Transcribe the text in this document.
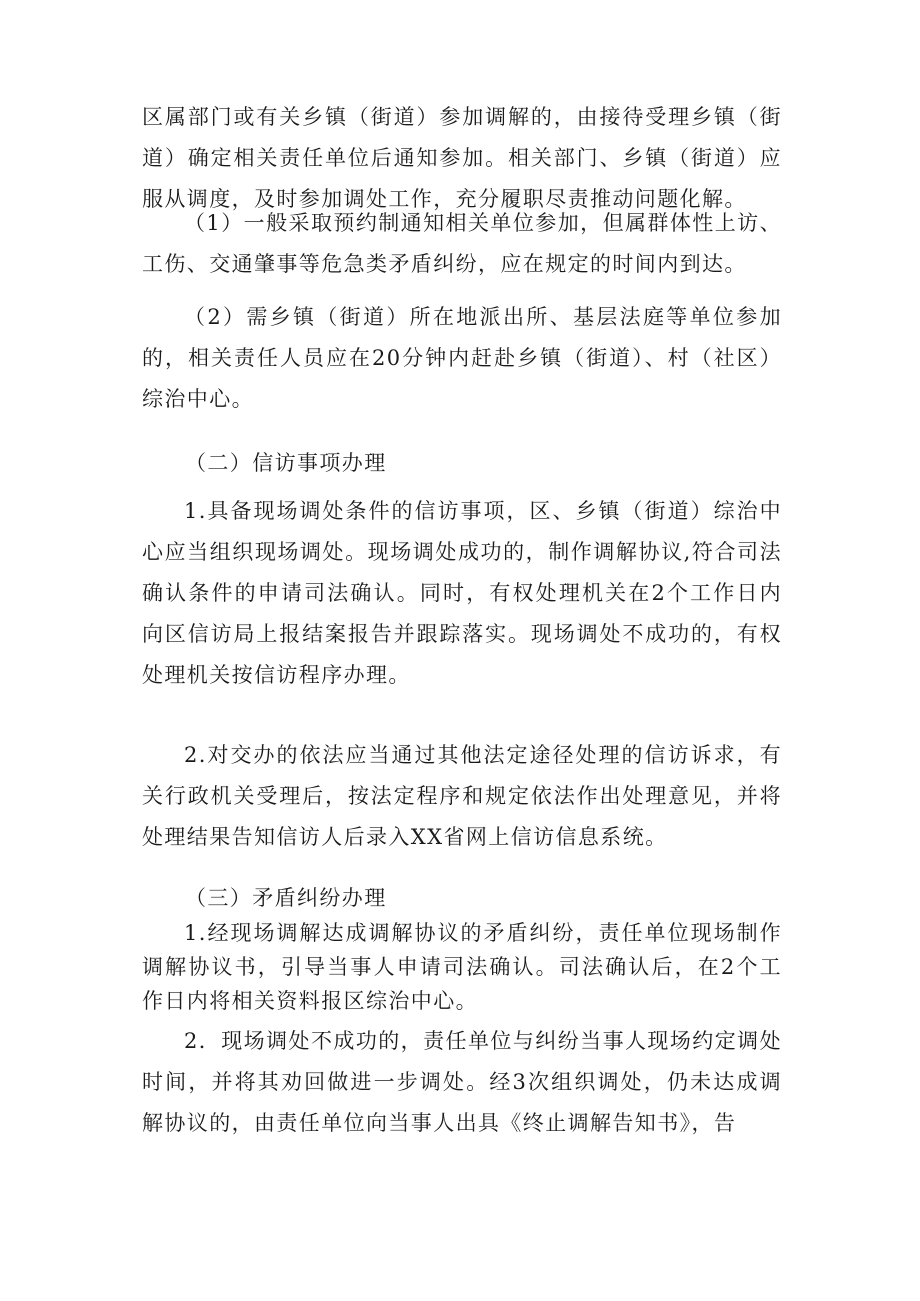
区属部门或有关乡镇（街道）参加调解的，由接待受理乡镇（街道）确定相关责任单位后通知参加。相关部门、乡镇（街道）应服从调度，及时参加调处工作，充分履职尽责推动问题化解。

（1）一般采取预约制通知相关单位参加，但属群体性上访、工伤、交通肇事等危急类矛盾纠纷，应在规定的时间内到达。

（2）需乡镇（街道）所在地派出所、基层法庭等单位参加的，相关责任人员应在20分钟内赶赴乡镇（街道）、村（社区）综治中心。

（二）信访事项办理

1.具备现场调处条件的信访事项，区、乡镇（街道）综治中心应当组织现场调处。现场调处成功的，制作调解协议,符合司法确认条件的申请司法确认。同时，有权处理机关在2个工作日内向区信访局上报结案报告并跟踪落实。现场调处不成功的，有权处理机关按信访程序办理。

2.对交办的依法应当通过其他法定途径处理的信访诉求，有关行政机关受理后，按法定程序和规定依法作出处理意见，并将处理结果告知信访人后录入XX省网上信访信息系统。

（三）矛盾纠纷办理

1.经现场调解达成调解协议的矛盾纠纷，责任单位现场制作调解协议书，引导当事人申请司法确认。司法确认后，在2个工作日内将相关资料报区综治中心。

2．现场调处不成功的，责任单位与纠纷当事人现场约定调处时间，并将其劝回做进一步调处。经3次组织调处，仍未达成调解协议的，由责任单位向当事人出具《终止调解告知书》，告
